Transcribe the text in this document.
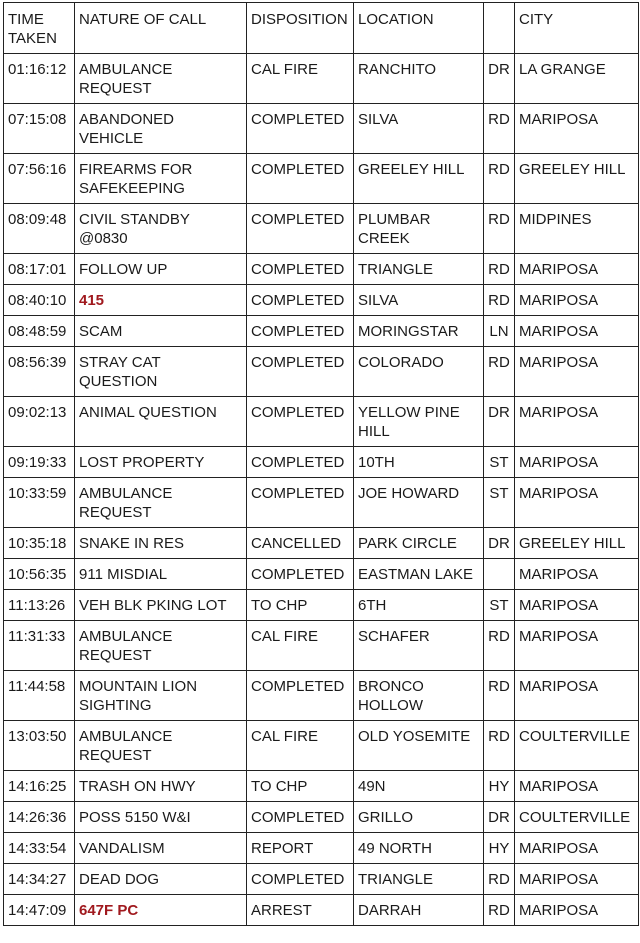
TIME TAKEN	NATURE OF CALL	DISPOSITION	LOCATION		CITY
01:16:12	AMBULANCE REQUEST	CAL FIRE	RANCHITO	DR	LA GRANGE
07:15:08	ABANDONED VEHICLE	COMPLETED	SILVA	RD	MARIPOSA
07:56:16	FIREARMS FOR SAFEKEEPING	COMPLETED	GREELEY HILL	RD	GREELEY HILL
08:09:48	CIVIL STANDBY @0830	COMPLETED	PLUMBAR CREEK	RD	MIDPINES
08:17:01	FOLLOW UP	COMPLETED	TRIANGLE	RD	MARIPOSA
08:40:10	415	COMPLETED	SILVA	RD	MARIPOSA
08:48:59	SCAM	COMPLETED	MORINGSTAR	LN	MARIPOSA
08:56:39	STRAY CAT QUESTION	COMPLETED	COLORADO	RD	MARIPOSA
09:02:13	ANIMAL QUESTION	COMPLETED	YELLOW PINE HILL	DR	MARIPOSA
09:19:33	LOST PROPERTY	COMPLETED	10TH	ST	MARIPOSA
10:33:59	AMBULANCE REQUEST	COMPLETED	JOE HOWARD	ST	MARIPOSA
10:35:18	SNAKE IN RES	CANCELLED	PARK CIRCLE	DR	GREELEY HILL
10:56:35	911 MISDIAL	COMPLETED	EASTMAN LAKE		MARIPOSA
11:13:26	VEH BLK PKING LOT	TO CHP	6TH	ST	MARIPOSA
11:31:33	AMBULANCE REQUEST	CAL FIRE	SCHAFER	RD	MARIPOSA
11:44:58	MOUNTAIN LION SIGHTING	COMPLETED	BRONCO HOLLOW	RD	MARIPOSA
13:03:50	AMBULANCE REQUEST	CAL FIRE	OLD YOSEMITE	RD	COULTERVILLE
14:16:25	TRASH ON HWY	TO CHP	49N	HY	MARIPOSA
14:26:36	POSS 5150 W&I	COMPLETED	GRILLO	DR	COULTERVILLE
14:33:54	VANDALISM	REPORT	49 NORTH	HY	MARIPOSA
14:34:27	DEAD DOG	COMPLETED	TRIANGLE	RD	MARIPOSA
14:47:09	647F PC	ARREST	DARRAH	RD	MARIPOSA
